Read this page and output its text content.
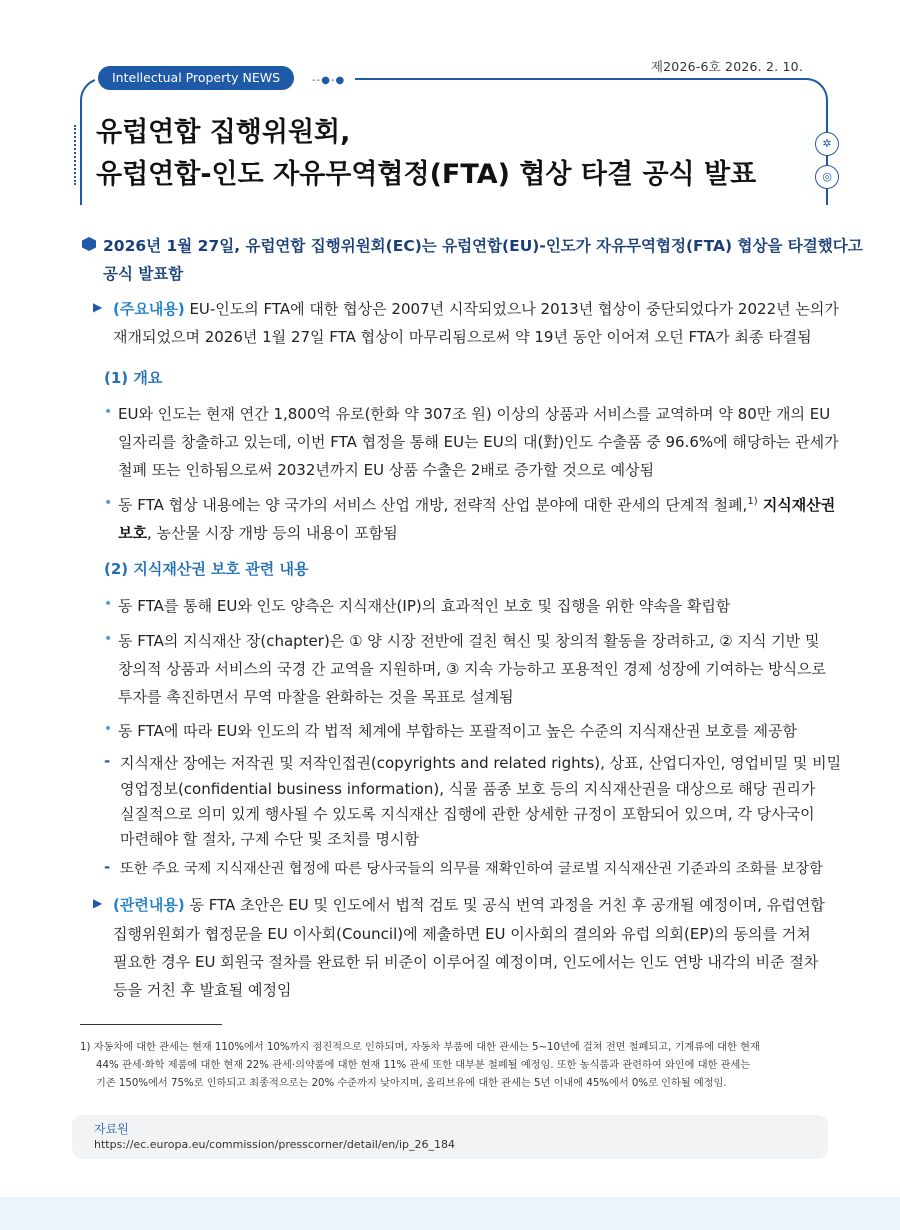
제2026-6호 2026. 2. 10.
Intellectual Property NEWS	--●-●
✲
◎
유럽연합 집행위원회,
유럽연합-인도 자유무역협정(FTA) 협상 타결 공식 발표
2026년 1월 27일, 유럽연합 집행위원회(EC)는 유럽연합(EU)-인도가 자유무역협정(FTA) 협상을 타결했다고
공식 발표함
▶ (주요내용) EU-인도의 FTA에 대한 협상은 2007년 시작되었으나 2013년 협상이 중단되었다가 2022년 논의가
재개되었으며 2026년 1월 27일 FTA 협상이 마무리됨으로써 약 19년 동안 이어져 오던 FTA가 최종 타결됨
(1) 개요
• EU와 인도는 현재 연간 1,800억 유로(한화 약 307조 원) 이상의 상품과 서비스를 교역하며 약 80만 개의 EU
일자리를 창출하고 있는데, 이번 FTA 협정을 통해 EU는 EU의 대(對)인도 수출품 중 96.6%에 해당하는 관세가
철폐 또는 인하됨으로써 2032년까지 EU 상품 수출은 2배로 증가할 것으로 예상됨
• 동 FTA 협상 내용에는 양 국가의 서비스 산업 개방, 전략적 산업 분야에 대한 관세의 단계적 철폐,$^{1)}$ 지식재산권
보호, 농산물 시장 개방 등의 내용이 포함됨
(2) 지식재산권 보호 관련 내용
• 동 FTA를 통해 EU와 인도 양측은 지식재산(IP)의 효과적인 보호 및 집행을 위한 약속을 확립함
• 동 FTA의 지식재산 장(chapter)은 ① 양 시장 전반에 걸친 혁신 및 창의적 활동을 장려하고, ② 지식 기반 및
창의적 상품과 서비스의 국경 간 교역을 지원하며, ③ 지속 가능하고 포용적인 경제 성장에 기여하는 방식으로
투자를 촉진하면서 무역 마찰을 완화하는 것을 목표로 설계됨
• 동 FTA에 따라 EU와 인도의 각 법적 체계에 부합하는 포괄적이고 높은 수준의 지식재산권 보호를 제공함
- 지식재산 장에는 저작권 및 저작인접권(copyrights and related rights), 상표, 산업디자인, 영업비밀 및 비밀
영업정보(confidential business information), 식물 품종 보호 등의 지식재산권을 대상으로 해당 권리가
실질적으로 의미 있게 행사될 수 있도록 지식재산 집행에 관한 상세한 규정이 포함되어 있으며, 각 당사국이
마련해야 할 절차, 구제 수단 및 조치를 명시함
- 또한 주요 국제 지식재산권 협정에 따른 당사국들의 의무를 재확인하여 글로벌 지식재산권 기준과의 조화를 보장함
▶ (관련내용) 동 FTA 초안은 EU 및 인도에서 법적 검토 및 공식 번역 과정을 거친 후 공개될 예정이며, 유럽연합
집행위원회가 협정문을 EU 이사회(Council)에 제출하면 EU 이사회의 결의와 유럽 의회(EP)의 동의를 거쳐
필요한 경우 EU 회원국 절차를 완료한 뒤 비준이 이루어질 예정이며, 인도에서는 인도 연방 내각의 비준 절차
등을 거친 후 발효될 예정임
1) 자동차에 대한 관세는 현재 110%에서 10%까지 점진적으로 인하되며, 자동차 부품에 대한 관세는 5~10년에 걸쳐 전면 철폐되고, 기계류에 대한 현재
44% 관세·화학 제품에 대한 현재 22% 관세·의약품에 대한 현재 11% 관세 또한 대부분 철폐될 예정임. 또한 농식품과 관련하여 와인에 대한 관세는
기존 150%에서 75%로 인하되고 최종적으로는 20% 수준까지 낮아지며, 올리브유에 대한 관세는 5년 이내에 45%에서 0%로 인하될 예정임.
자료원
https://ec.europa.eu/commission/presscorner/detail/en/ip_26_184
